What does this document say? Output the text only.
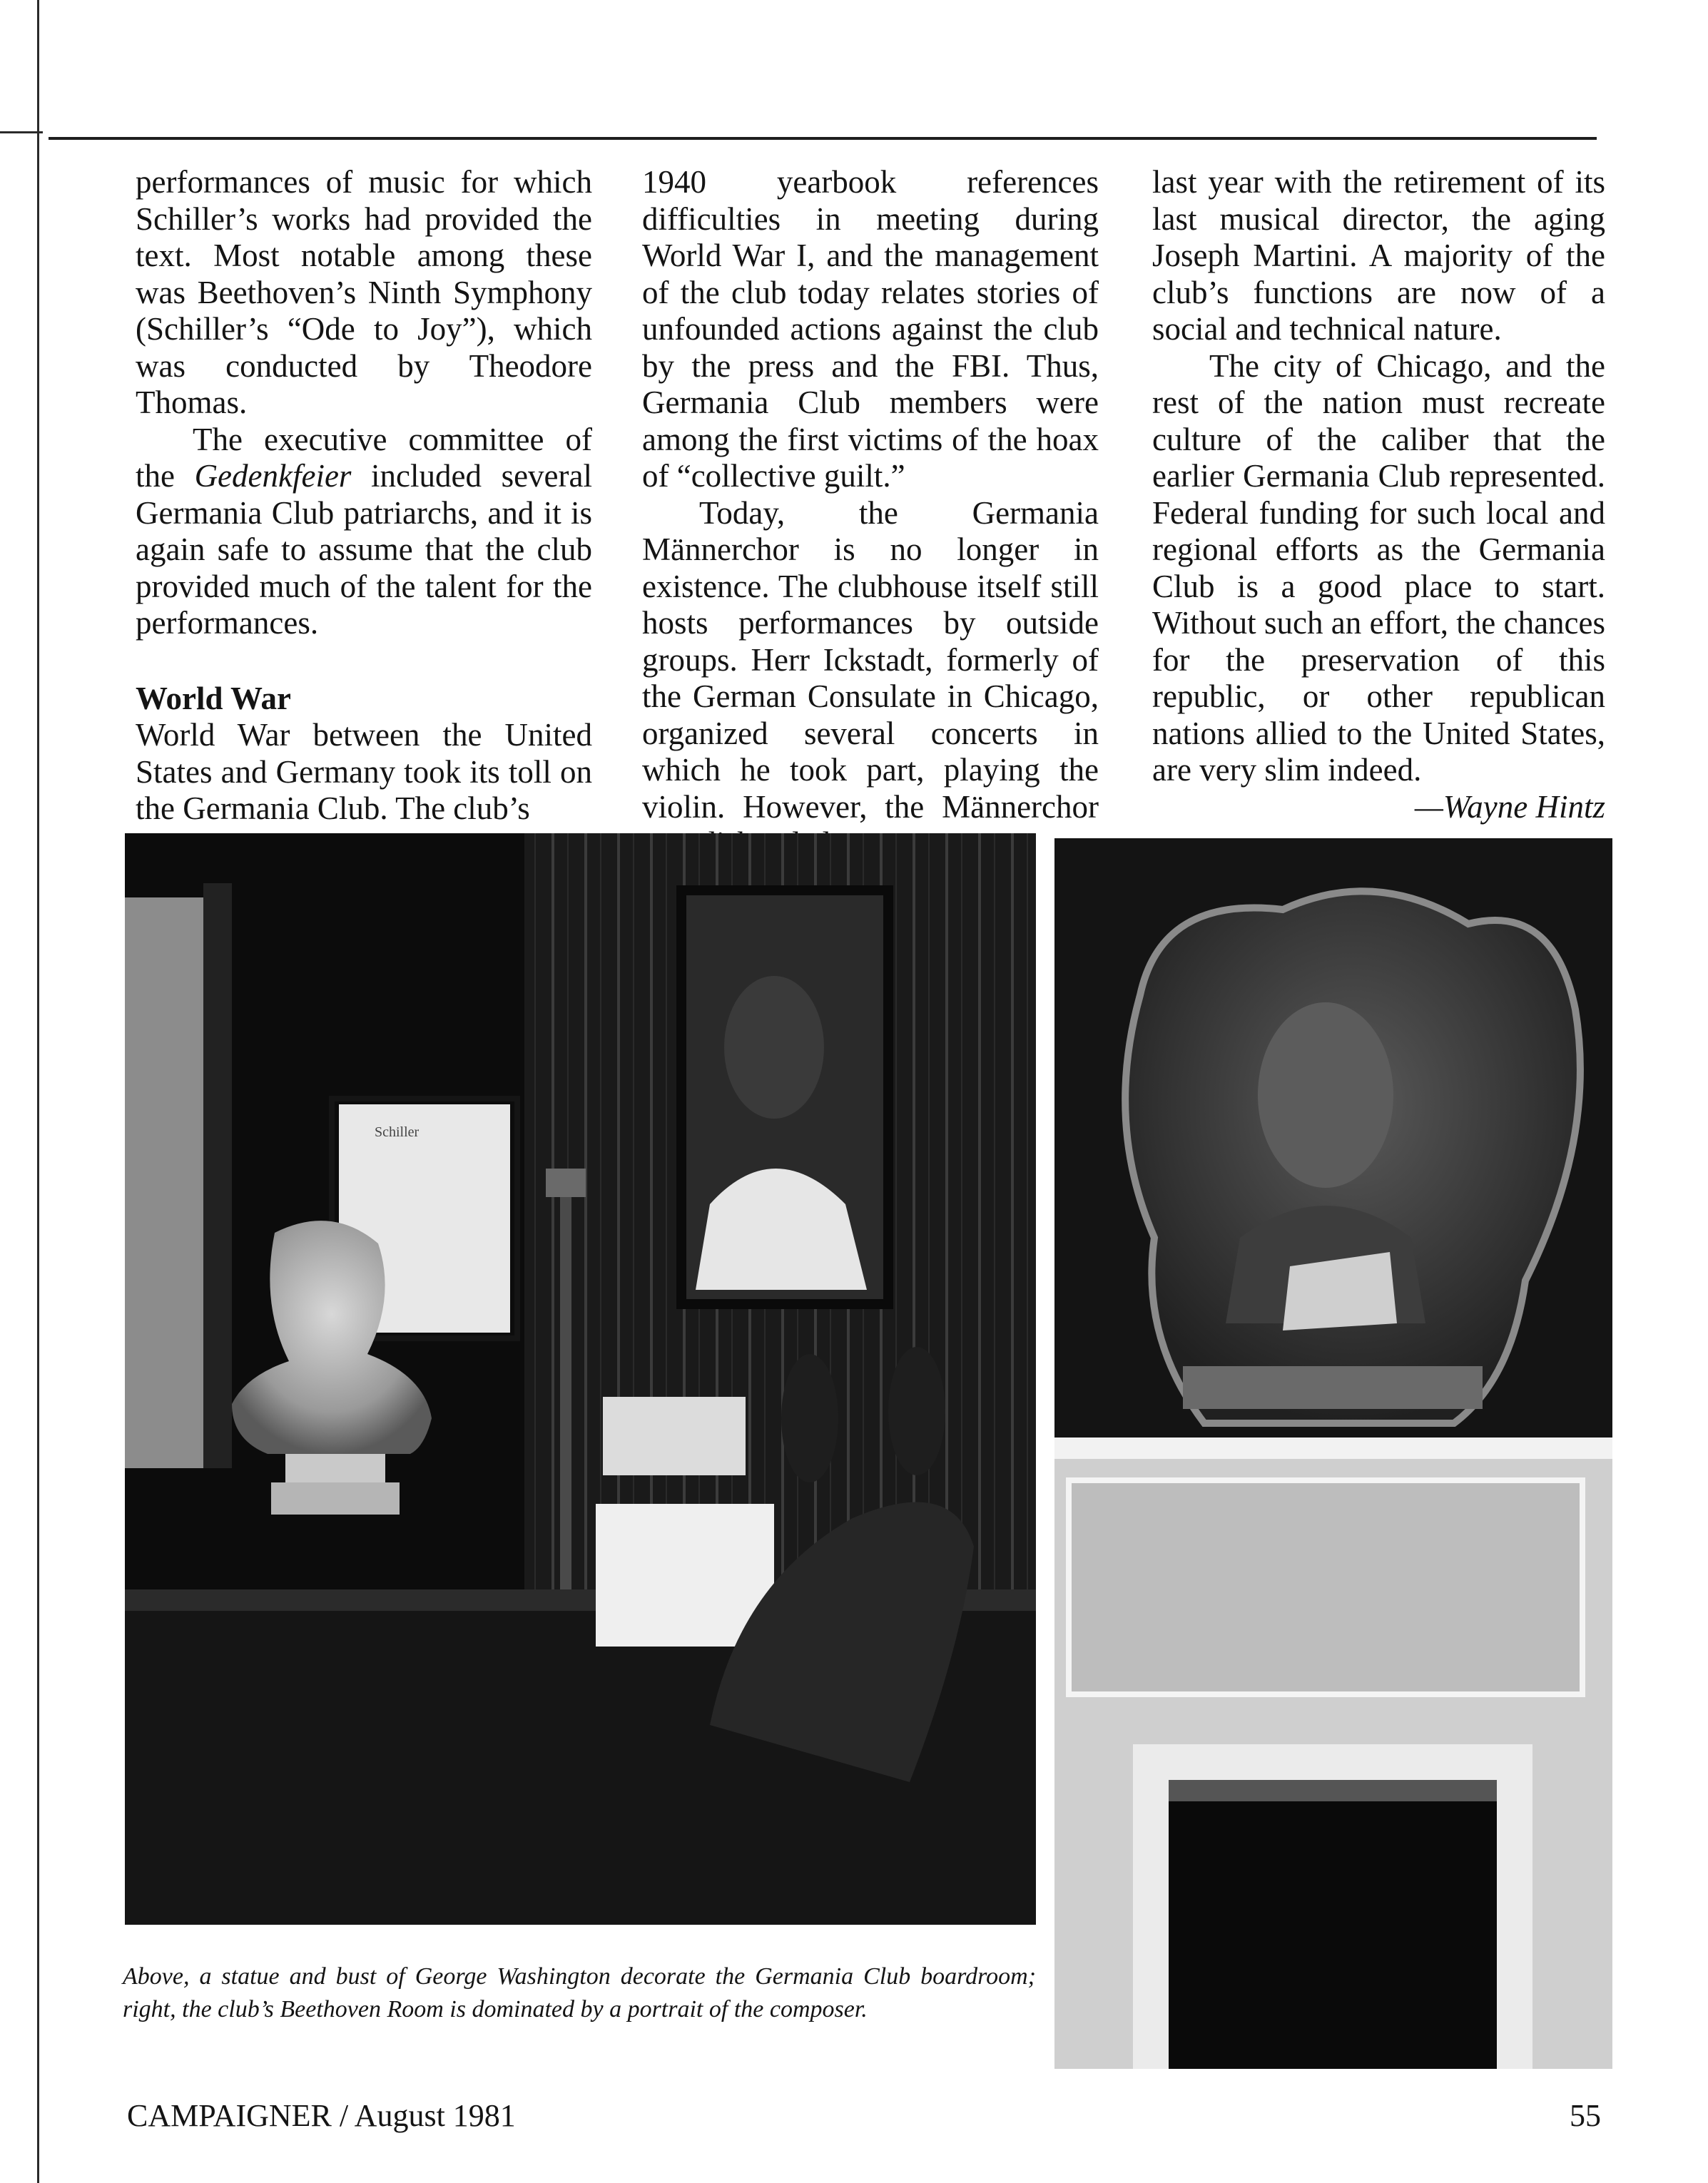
performances of music for which Schiller’s works had provided the text. Most notable among these was Beethoven’s Ninth Symphony (Schiller’s “Ode to Joy”), which was conducted by Theodore Thomas.

The executive committee of the Gedenkfeier included several Germania Club patriarchs, and it is again safe to assume that the club provided much of the talent for the performances.

World War

World War between the United States and Germany took its toll on the Germania Club. The club’s

1940 yearbook references difficulties in meeting during World War I, and the management of the club today relates stories of unfounded actions against the club by the press and the FBI. Thus, Germania Club members were among the first victims of the hoax of “collective guilt.”

Today, the Germania Männerchor is no longer in existence. The clubhouse itself still hosts performances by outside groups. Herr Ickstadt, formerly of the German Consulate in Chicago, organized several concerts in which he took part, playing the violin. However, the Männerchor

last year with the retirement of its last musical director, the aging Joseph Martini. A majority of the club’s functions are now of a social and technical nature.

The city of Chicago, and the rest of the nation must recreate culture of the caliber that the earlier Germania Club represented. Federal funding for such local and regional efforts as the Germania Club is a good place to start. Without such an effort, the chances for the preservation of this republic, or other republican nations allied to the United States, are very slim indeed.

—Wayne Hintz

Schiller
Above, a statue and bust of George Washington decorate the Germania Club boardroom; right, the club’s Beethoven Room is dominated by a portrait of the composer.
CAMPAIGNER / August 1981	55
